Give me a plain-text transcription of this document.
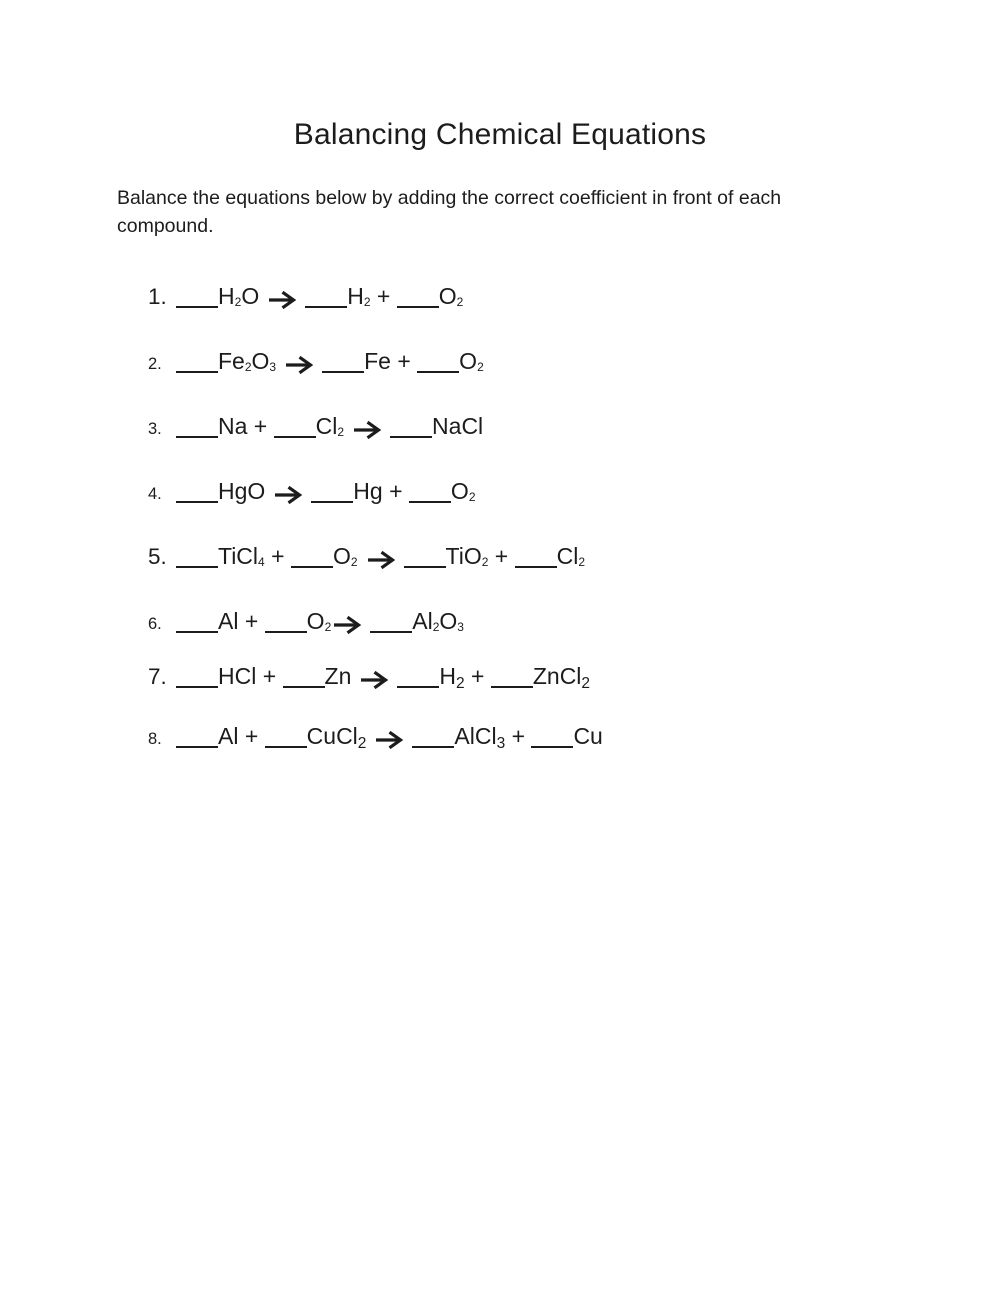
Balancing Chemical Equations

Balance the equations below by adding the correct coefficient in front of each
compound.

1. H2O	H2 + O2
2. Fe2O3	Fe + O2
3. Na + Cl2	NaCl
4. HgO	Hg + O2
5. TiCl4 + O2	TiO2 + Cl2
6. Al + O2	Al2O3
7. HCl + Zn	$H_2$ + ZnCl$_2$
8. Al + CuCl$_2$	AlCl$_3$ + Cu
